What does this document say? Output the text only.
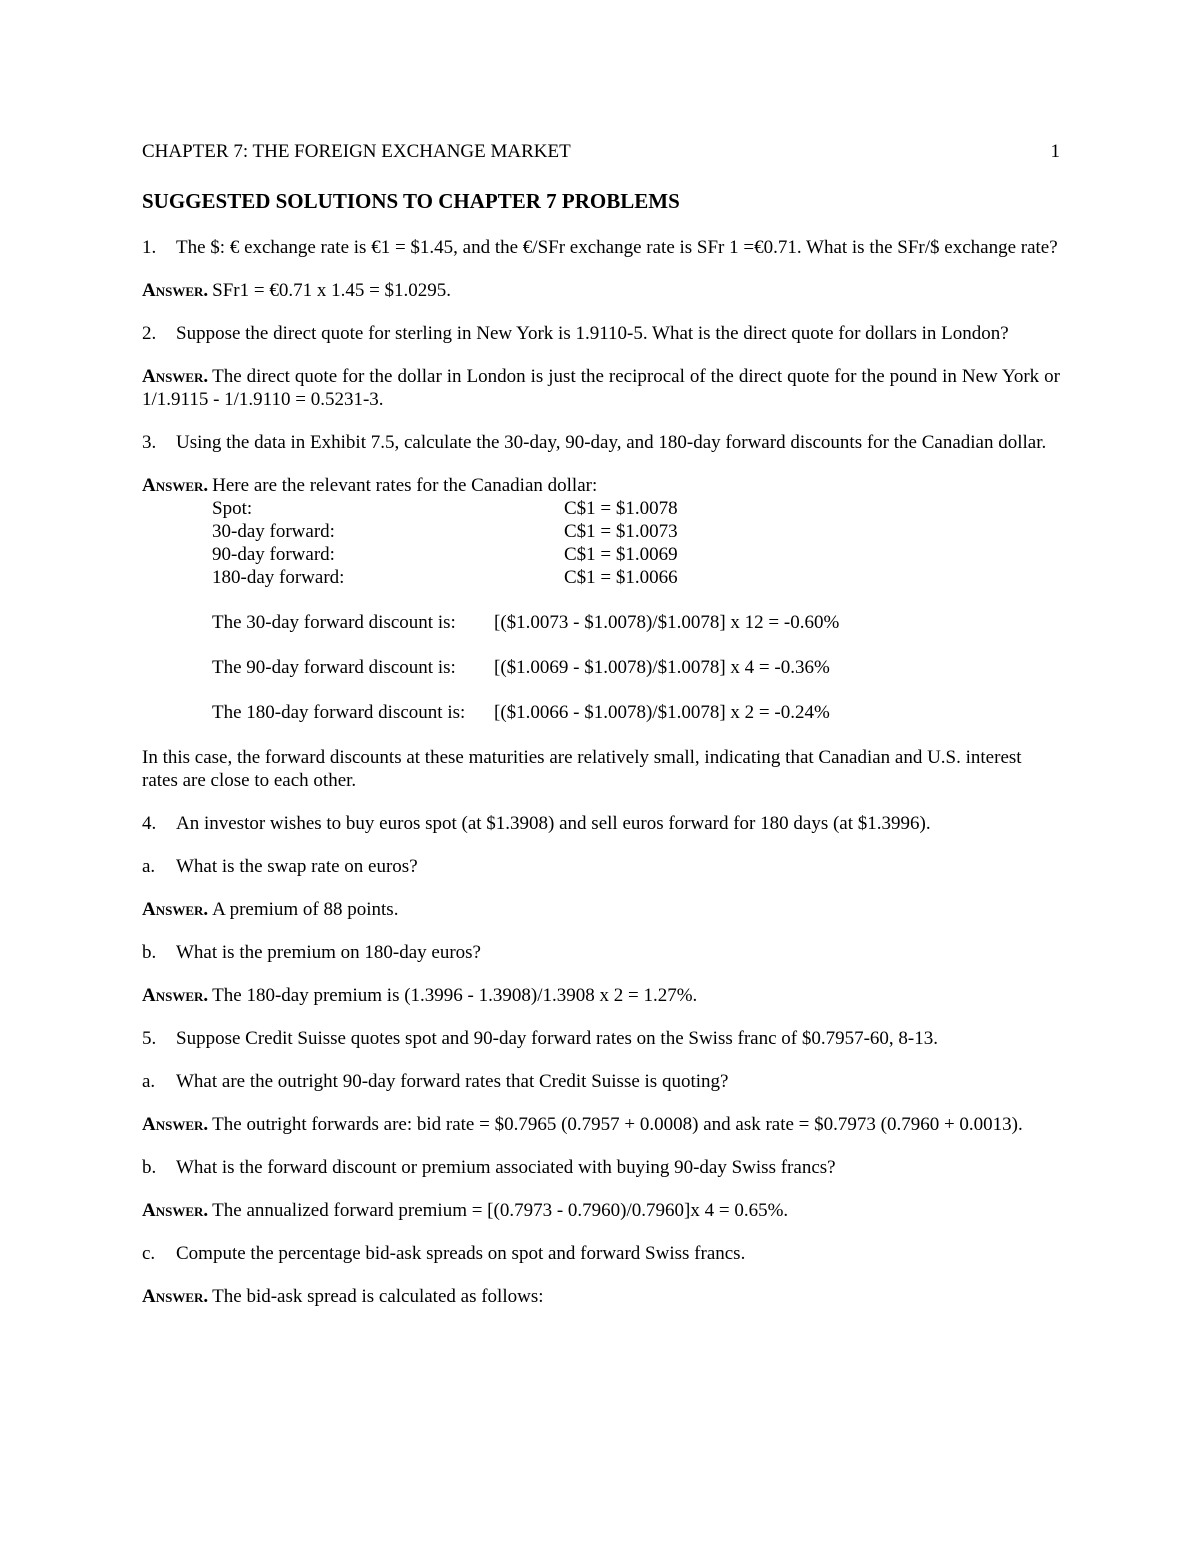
CHAPTER 7: THE FOREIGN EXCHANGE MARKET	1
SUGGESTED SOLUTIONS TO CHAPTER 7 PROBLEMS
1.	The $: € exchange rate is €1 = $1.45, and the €/SFr exchange rate is SFr 1 =€0.71. What is the SFr/$ exchange rate?
Answer. SFr1 = €0.71 x 1.45 = $1.0295.
2.	Suppose the direct quote for sterling in New York is 1.9110-5. What is the direct quote for dollars in London?
Answer. The direct quote for the dollar in London is just the reciprocal of the direct quote for the pound in New York or 1/1.9115 - 1/1.9110 = 0.5231-3.
3.	Using the data in Exhibit 7.5, calculate the 30-day, 90-day, and 180-day forward discounts for the Canadian dollar.
Answer. Here are the relevant rates for the Canadian dollar:
Spot:	C$1 = $1.0078
30-day forward:	C$1 = $1.0073
90-day forward:	C$1 = $1.0069
180-day forward:	C$1 = $1.0066
The 30-day forward discount is:	[($1.0073 - $1.0078)/$1.0078] x 12 = -0.60%
The 90-day forward discount is:	[($1.0069 - $1.0078)/$1.0078] x 4 = -0.36%
The 180-day forward discount is:	[($1.0066 - $1.0078)/$1.0078] x 2 = -0.24%
In this case, the forward discounts at these maturities are relatively small, indicating that Canadian and U.S. interest rates are close to each other.
4.	An investor wishes to buy euros spot (at $1.3908) and sell euros forward for 180 days (at $1.3996).
a.	What is the swap rate on euros?
Answer. A premium of 88 points.
b.	What is the premium on 180-day euros?
Answer. The 180-day premium is (1.3996 - 1.3908)/1.3908 x 2 = 1.27%.
5.	Suppose Credit Suisse quotes spot and 90-day forward rates on the Swiss franc of $0.7957-60, 8-13.
a.	What are the outright 90-day forward rates that Credit Suisse is quoting?
Answer. The outright forwards are: bid rate = $0.7965 (0.7957 + 0.0008) and ask rate = $0.7973 (0.7960 + 0.0013).
b.	What is the forward discount or premium associated with buying 90-day Swiss francs?
Answer. The annualized forward premium = [(0.7973 - 0.7960)/0.7960]x 4 = 0.65%.
c.	Compute the percentage bid-ask spreads on spot and forward Swiss francs.
Answer. The bid-ask spread is calculated as follows:
